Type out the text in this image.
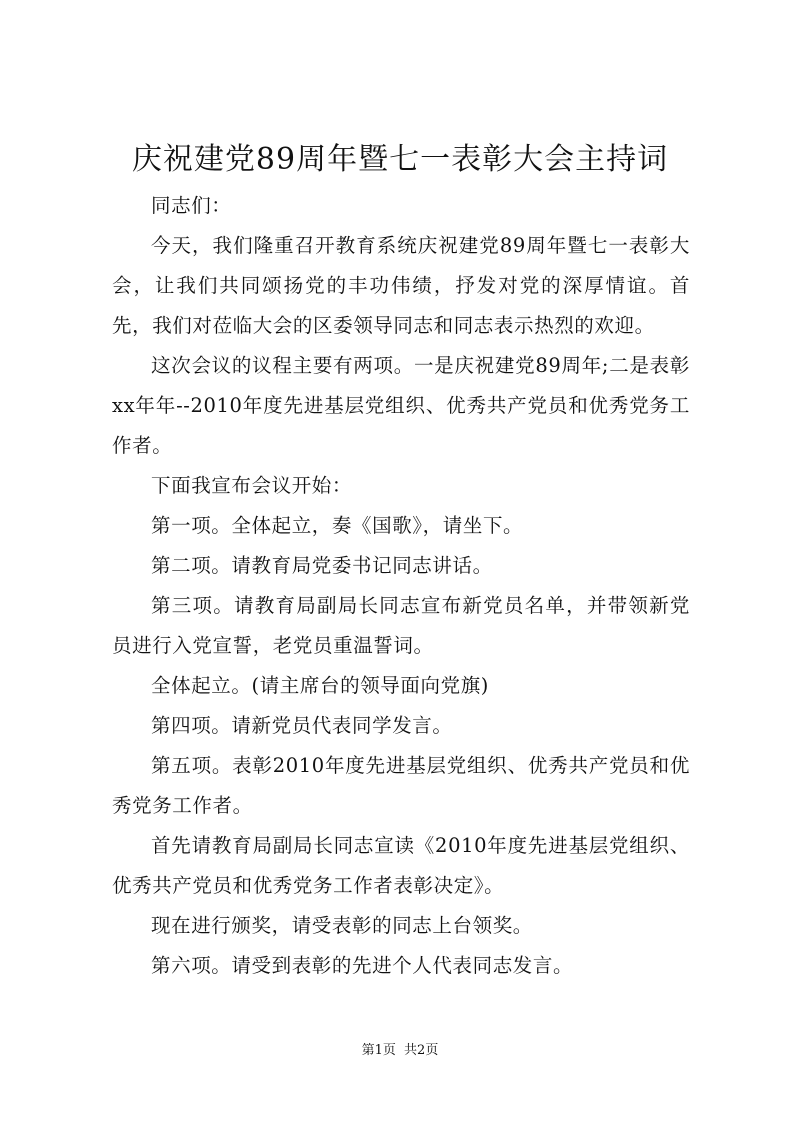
庆祝建党89周年暨七一表彰大会主持词

同志们：

今天，我们隆重召开教育系统庆祝建党89周年暨七一表彰大会，让我们共同颂扬党的丰功伟绩，抒发对党的深厚情谊。首先，我们对莅临大会的区委领导同志和同志表示热烈的欢迎。

这次会议的议程主要有两项。一是庆祝建党89周年;二是表彰xx年年--2010年度先进基层党组织、优秀共产党员和优秀党务工作者。

下面我宣布会议开始：

第一项。全体起立，奏《国歌》，请坐下。

第二项。请教育局党委书记同志讲话。

第三项。请教育局副局长同志宣布新党员名单，并带领新党员进行入党宣誓，老党员重温誓词。

全体起立。(请主席台的领导面向党旗)

第四项。请新党员代表同学发言。

第五项。表彰2010年度先进基层党组织、优秀共产党员和优秀党务工作者。

首先请教育局副局长同志宣读《2010年度先进基层党组织、优秀共产党员和优秀党务工作者表彰决定》。

现在进行颁奖，请受表彰的同志上台领奖。

第六项。请受到表彰的先进个人代表同志发言。

第1页 共2页
